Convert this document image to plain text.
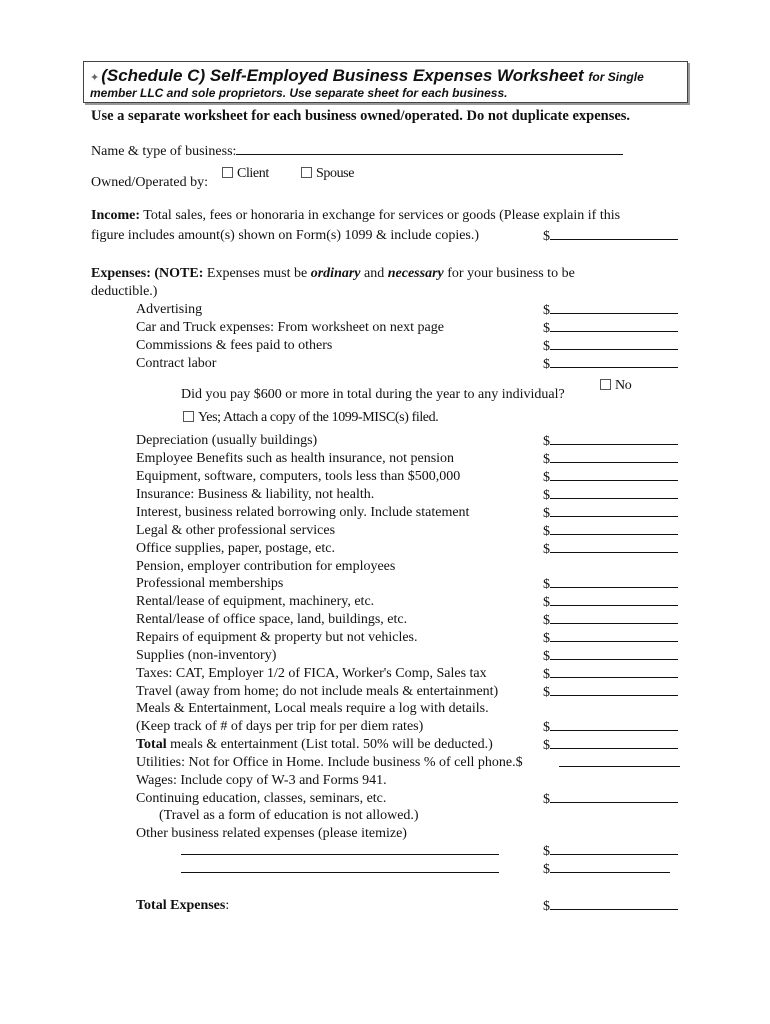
✦ (Schedule C) Self-Employed Business Expenses Worksheet for Single
member LLC and sole proprietors. Use separate sheet for each business.
Use a separate worksheet for each business owned/operated. Do not duplicate expenses.
Name & type of business:
Owned/Operated by:
Client	Spouse
Income: Total sales, fees or honoraria in exchange for services or goods (Please explain if this
figure includes amount(s) shown on Form(s) 1099 & include copies.)	$
Expenses: (NOTE: Expenses must be ordinary and necessary for your business to be
deductible.)
Advertising	$
Car and Truck expenses: From worksheet on next page	$
Commissions & fees paid to others	$
Contract labor	$
Did you pay $600 or more in total during the year to any individual?
No
Yes; Attach a copy of the 1099-MISC(s) filed.
Depreciation (usually buildings)	$
Employee Benefits such as health insurance, not pension	$
Equipment, software, computers, tools less than $500,000	$
Insurance: Business & liability, not health.	$
Interest, business related borrowing only. Include statement	$
Legal & other professional services	$
Office supplies, paper, postage, etc.	$
Pension, employer contribution for employees
Professional memberships	$
Rental/lease of equipment, machinery, etc.	$
Rental/lease of office space, land, buildings, etc.	$
Repairs of equipment & property but not vehicles.	$
Supplies (non-inventory)	$
Taxes: CAT, Employer 1/2 of FICA, Worker's Comp, Sales tax	$
Travel (away from home; do not include meals & entertainment)	$
Meals & Entertainment, Local meals require a log with details.
(Keep track of # of days per trip for per diem rates)	$
Total meals & entertainment (List total. 50% will be deducted.)	$
Utilities: Not for Office in Home. Include business % of cell phone.$
Wages: Include copy of W-3 and Forms 941.
Continuing education, classes, seminars, etc.	$
(Travel as a form of education is not allowed.)
Other business related expenses (please itemize)
$
$
Total Expenses:	$
